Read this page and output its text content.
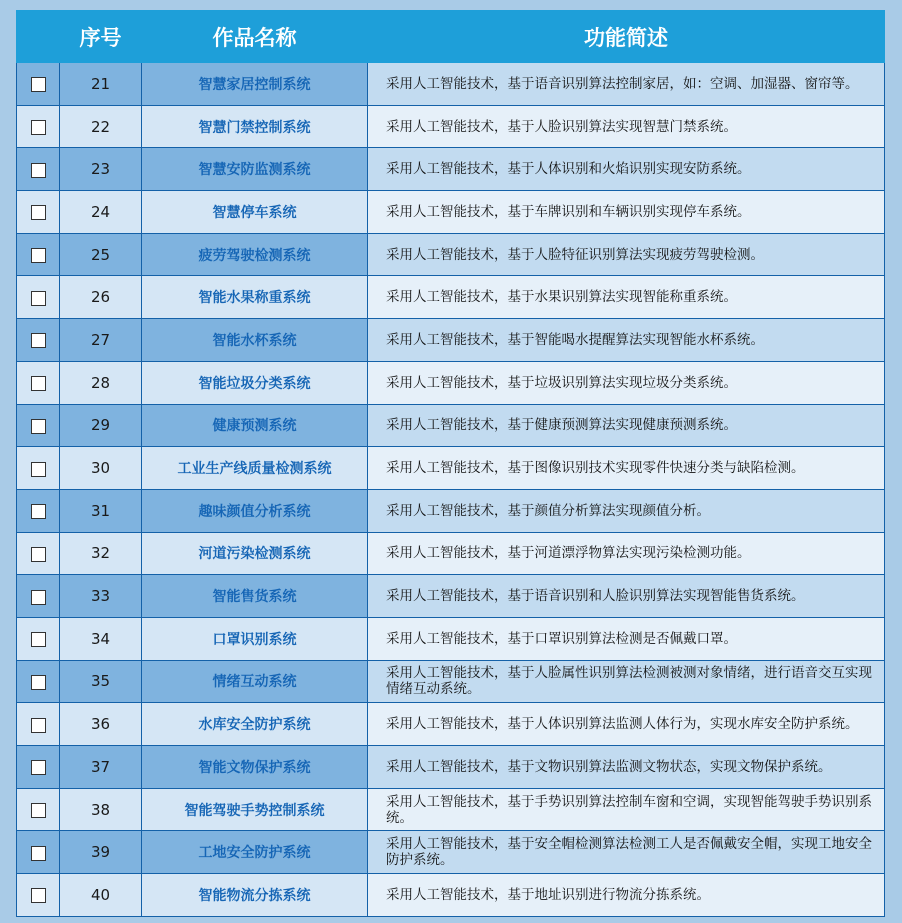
	序号	作品名称	功能简述
	21	智慧家居控制系统	采用人工智能技术，基于语音识别算法控制家居，如：空调、加湿器、窗帘等。
	22	智慧门禁控制系统	采用人工智能技术，基于人脸识别算法实现智慧门禁系统。
	23	智慧安防监测系统	采用人工智能技术，基于人体识别和火焰识别实现安防系统。
	24	智慧停车系统	采用人工智能技术，基于车牌识别和车辆识别实现停车系统。
	25	疲劳驾驶检测系统	采用人工智能技术，基于人脸特征识别算法实现疲劳驾驶检测。
	26	智能水果称重系统	采用人工智能技术，基于水果识别算法实现智能称重系统。
	27	智能水杯系统	采用人工智能技术，基于智能喝水提醒算法实现智能水杯系统。
	28	智能垃圾分类系统	采用人工智能技术，基于垃圾识别算法实现垃圾分类系统。
	29	健康预测系统	采用人工智能技术，基于健康预测算法实现健康预测系统。
	30	工业生产线质量检测系统	采用人工智能技术，基于图像识别技术实现零件快速分类与缺陷检测。
	31	趣味颜值分析系统	采用人工智能技术，基于颜值分析算法实现颜值分析。
	32	河道污染检测系统	采用人工智能技术，基于河道漂浮物算法实现污染检测功能。
	33	智能售货系统	采用人工智能技术，基于语音识别和人脸识别算法实现智能售货系统。
	34	口罩识别系统	采用人工智能技术，基于口罩识别算法检测是否佩戴口罩。
	35	情绪互动系统	采用人工智能技术，基于人脸属性识别算法检测被测对象情绪，进行语音交互实现情绪互动系统。
	36	水库安全防护系统	采用人工智能技术，基于人体识别算法监测人体行为，实现水库安全防护系统。
	37	智能文物保护系统	采用人工智能技术，基于文物识别算法监测文物状态，实现文物保护系统。
	38	智能驾驶手势控制系统	采用人工智能技术，基于手势识别算法控制车窗和空调，实现智能驾驶手势识别系统。
	39	工地安全防护系统	采用人工智能技术，基于安全帽检测算法检测工人是否佩戴安全帽，实现工地安全防护系统。
	40	智能物流分拣系统	采用人工智能技术，基于地址识别进行物流分拣系统。
